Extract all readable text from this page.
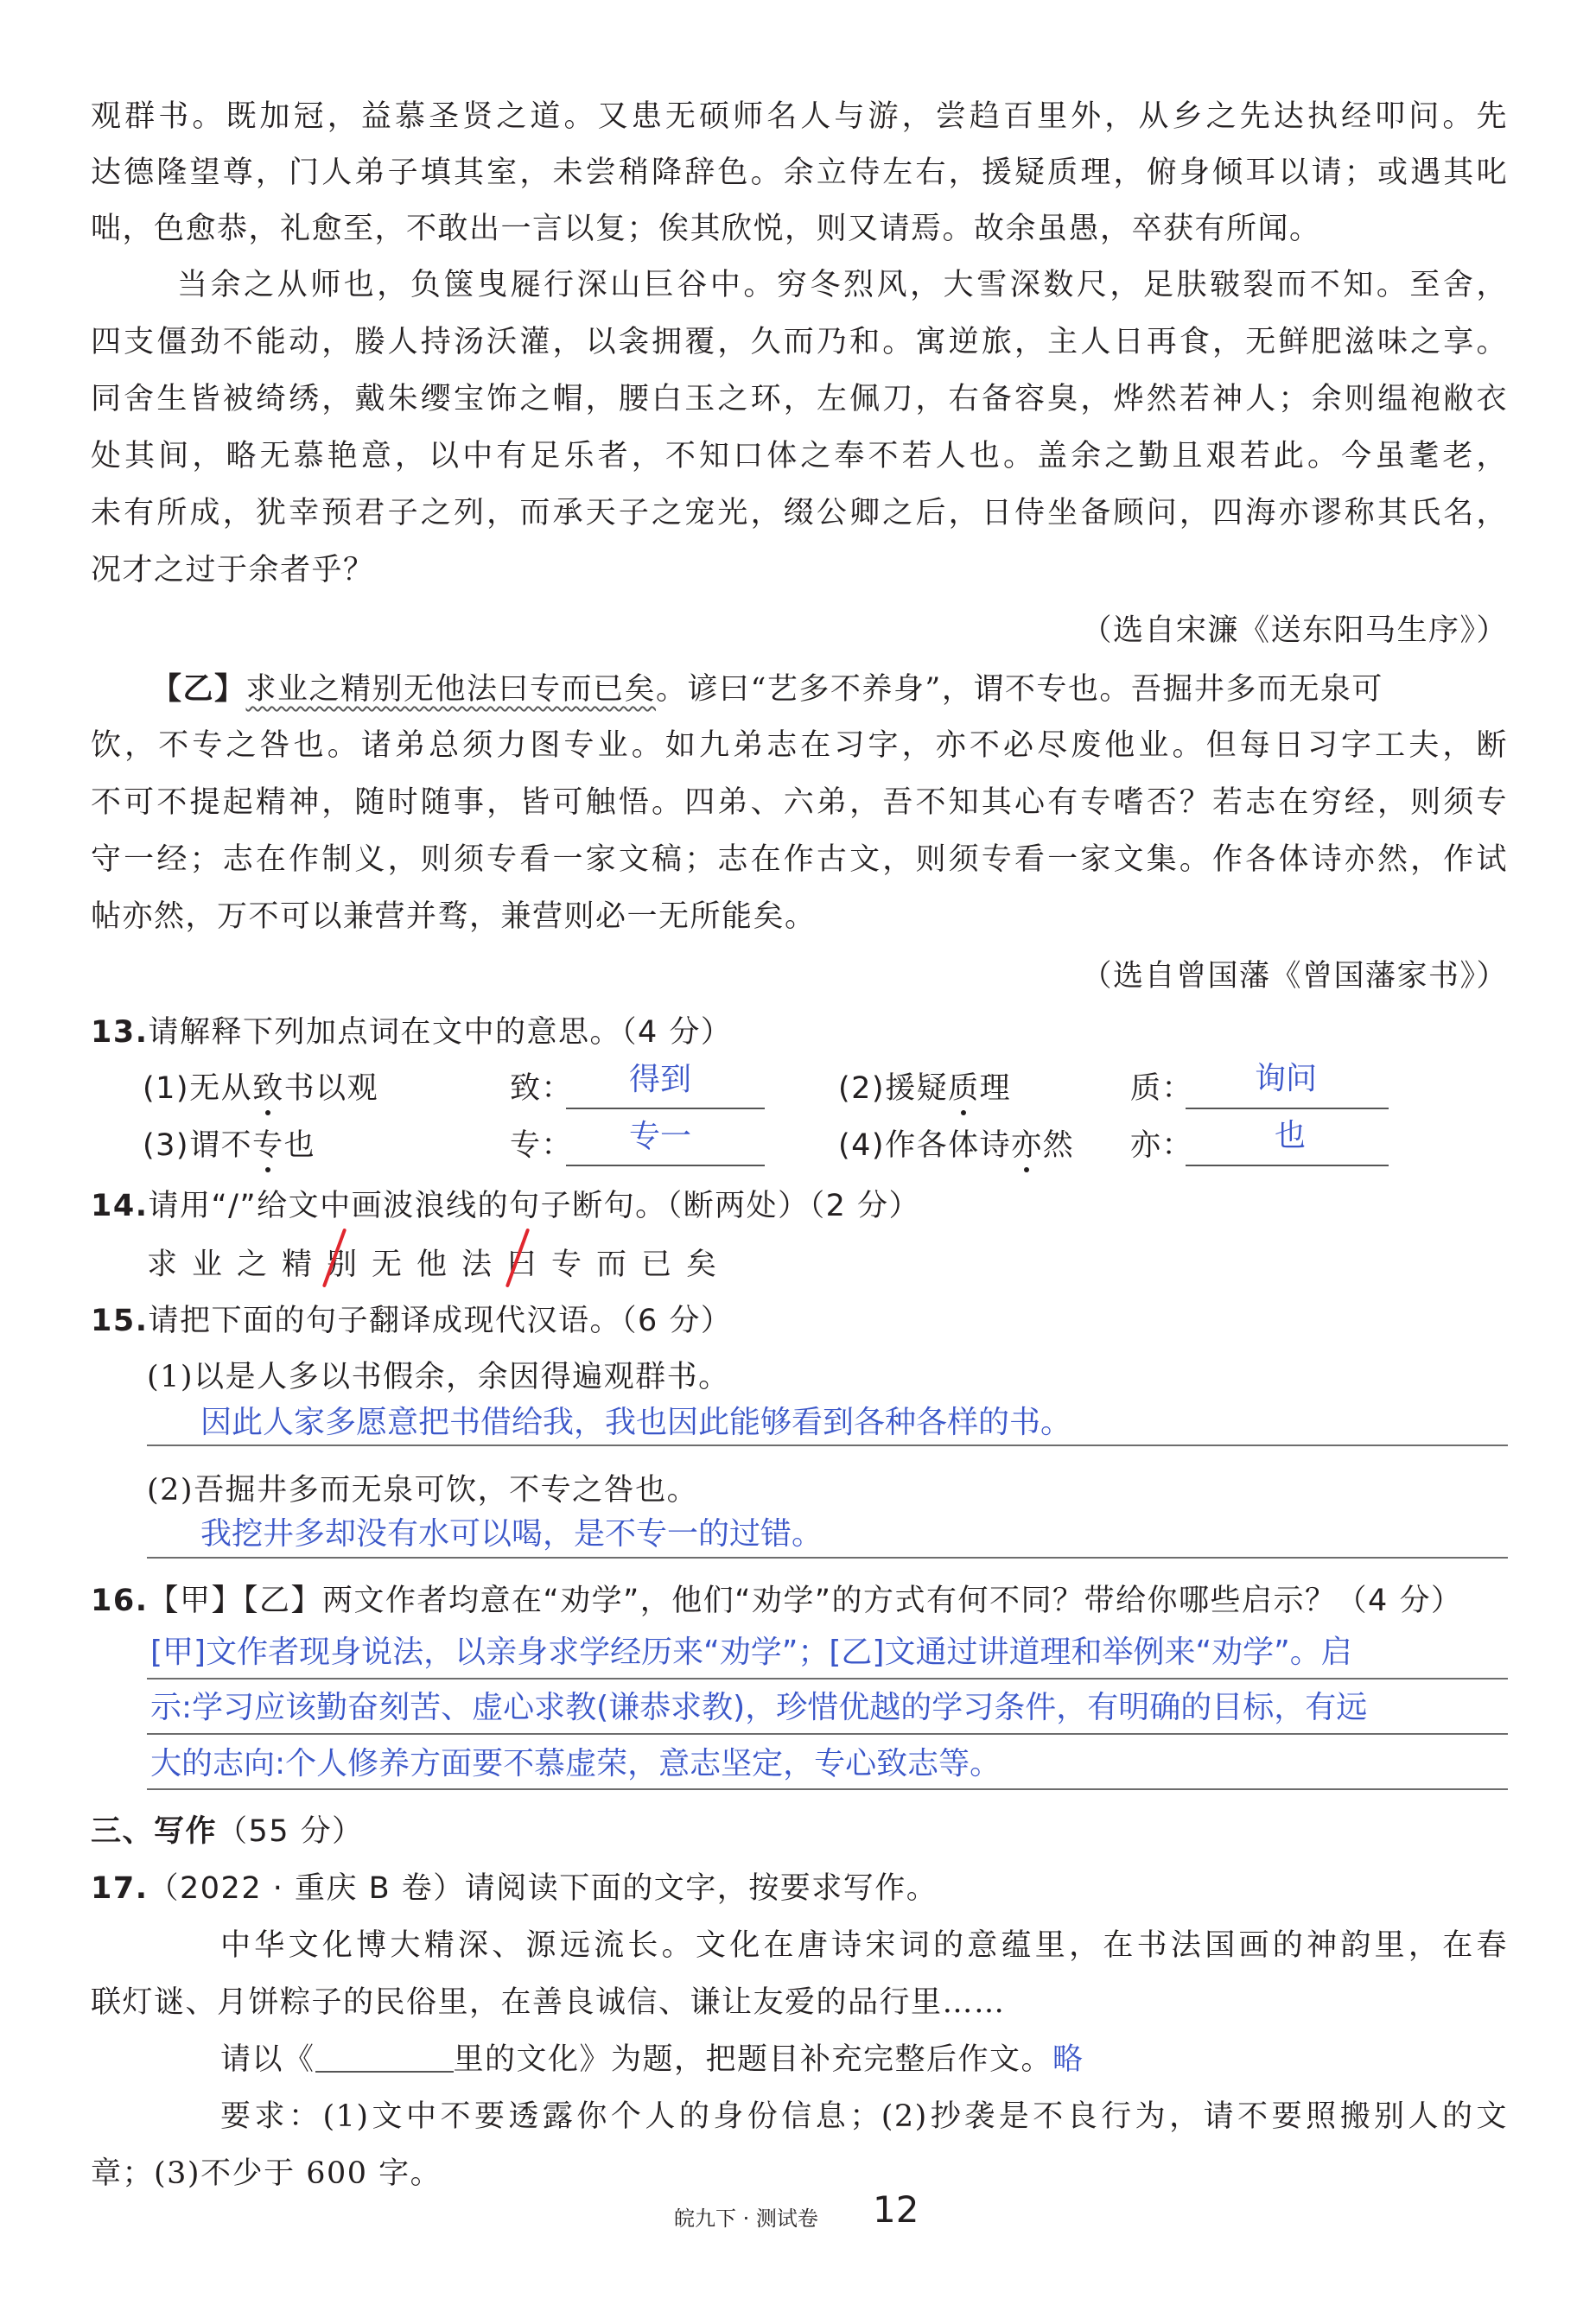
观群书。既加冠，益慕圣贤之道。又患无硕师名人与游，尝趋百里外，从乡之先达执经叩问。先
达德隆望尊，门人弟子填其室，未尝稍降辞色。余立侍左右，援疑质理，俯身倾耳以请；或遇其叱
咄，色愈恭，礼愈至，不敢出一言以复；俟其欣悦，则又请焉。故余虽愚，卒获有所闻。
当余之从师也，负箧曳屣行深山巨谷中。穷冬烈风，大雪深数尺，足肤皲裂而不知。至舍，
四支僵劲不能动，媵人持汤沃灌，以衾拥覆，久而乃和。寓逆旅，主人日再食，无鲜肥滋味之享。
同舍生皆被绮绣，戴朱缨宝饰之帽，腰白玉之环，左佩刀，右备容臭，烨然若神人；余则缊袍敝衣
处其间，略无慕艳意，以中有足乐者，不知口体之奉不若人也。盖余之勤且艰若此。今虽耄老，
未有所成，犹幸预君子之列，而承天子之宠光，缀公卿之后，日侍坐备顾问，四海亦谬称其氏名，
况才之过于余者乎？
（选自宋濂《送东阳马生序》）
【乙】求业之精别无他法曰专而已矣。谚曰“艺多不养身”，谓不专也。吾掘井多而无泉可
饮，不专之咎也。诸弟总须力图专业。如九弟志在习字，亦不必尽废他业。但每日习字工夫，断
不可不提起精神，随时随事，皆可触悟。四弟、六弟，吾不知其心有专嗜否？若志在穷经，则须专
守一经；志在作制义，则须专看一家文稿；志在作古文，则须专看一家文集。作各体诗亦然，作试
帖亦然，万不可以兼营并骛，兼营则必一无所能矣。
（选自曾国藩《曾国藩家书》）
13.请解释下列加点词在文中的意思。（4 分）
(1)无从致书以观	致：	得到	(2)援疑质理	质：	询问
(3)谓不专也	专：	专一	(4)作各体诗亦然	亦：	也
14.请用“/”给文中画波浪线的句子断句。（断两处）（2 分）
求 业 之 精 别 无 他 法 曰 专 而 已 矣
15.请把下面的句子翻译成现代汉语。（6 分）
(1)以是人多以书假余，余因得遍观群书。
因此人家多愿意把书借给我，我也因此能够看到各种各样的书。
(2)吾掘井多而无泉可饮，不专之咎也。
我挖井多却没有水可以喝，是不专一的过错。
16.【甲】【乙】两文作者均意在“劝学”，他们“劝学”的方式有何不同？带给你哪些启示？（4 分）
[甲]文作者现身说法，以亲身求学经历来“劝学”；[乙]文通过讲道理和举例来“劝学”。启
示:学习应该勤奋刻苦、虚心求教(谦恭求教)，珍惜优越的学习条件，有明确的目标，有远
大的志向:个人修养方面要不慕虚荣，意志坚定，专心致志等。
三、写作（55 分）
17.（2022 · 重庆 B 卷）请阅读下面的文字，按要求写作。
中华文化博大精深、源远流长。文化在唐诗宋词的意蕴里，在书法国画的神韵里，在春
联灯谜、月饼粽子的民俗里，在善良诚信、谦让友爱的品行里……
请以《	里的文化》为题，把题目补充完整后作文。略
要求：(1)文中不要透露你个人的身份信息；(2)抄袭是不良行为，请不要照搬别人的文
章；(3)不少于 600 字。
皖九下 · 测试卷 12
